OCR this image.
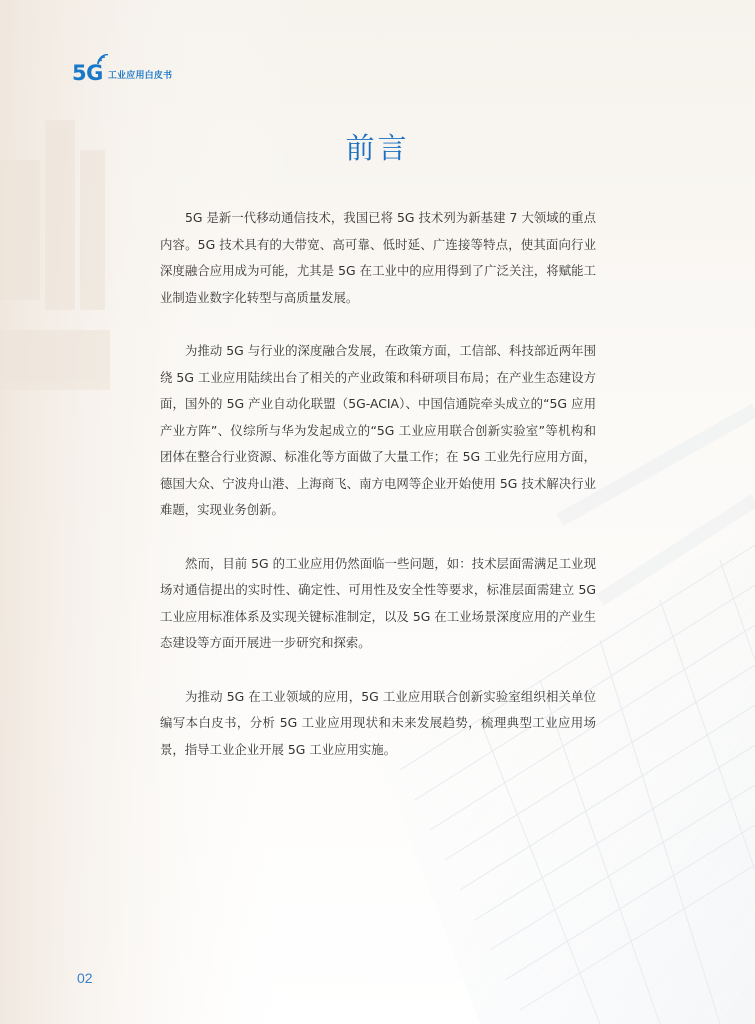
5G 工业应用白皮书
前言

5G 是新一代移动通信技术，我国已将 5G 技术列为新基建 7 大领域的重点内容。5G 技术具有的大带宽、高可靠、低时延、广连接等特点，使其面向行业深度融合应用成为可能，尤其是 5G 在工业中的应用得到了广泛关注，将赋能工业制造业数字化转型与高质量发展。

为推动 5G 与行业的深度融合发展，在政策方面，工信部、科技部近两年围绕 5G 工业应用陆续出台了相关的产业政策和科研项目布局；在产业生态建设方面，国外的 5G 产业自动化联盟（5G-ACIA）、中国信通院牵头成立的“5G 应用产业方阵”、仪综所与华为发起成立的“5G 工业应用联合创新实验室”等机构和团体在整合行业资源、标准化等方面做了大量工作；在 5G 工业先行应用方面，德国大众、宁波舟山港、上海商飞、南方电网等企业开始使用 5G 技术解决行业难题，实现业务创新。

然而，目前 5G 的工业应用仍然面临一些问题，如：技术层面需满足工业现场对通信提出的实时性、确定性、可用性及安全性等要求，标准层面需建立 5G 工业应用标准体系及实现关键标准制定，以及 5G 在工业场景深度应用的产业生态建设等方面开展进一步研究和探索。

为推动 5G 在工业领域的应用，5G 工业应用联合创新实验室组织相关单位编写本白皮书，分析 5G 工业应用现状和未来发展趋势，梳理典型工业应用场景，指导工业企业开展 5G 工业应用实施。

02
